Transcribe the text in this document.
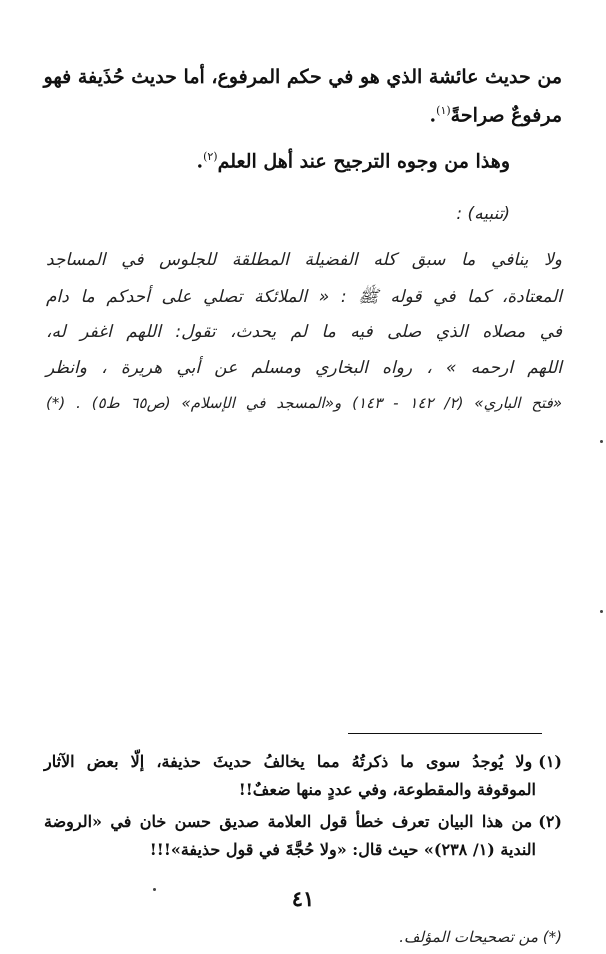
من حديث عائشة الذي هو في حكم المرفوع، أما حديث حُذَيفة فهو
مرفوعٌ صراحةً$^{(١)}$.
وهذا من وجوه الترجيح عند أهل العلم$^{(٢)}$.
(تنبيه) :
ولا ينافي ما سبق كله الفضيلة المطلقة للجلوس في المساجد
المعتادة، كما في قوله ﷺ : « الملائكة تصلي على أحدكم ما دام
في مصلاه الذي صلى فيه ما لم يحدث، تقول: اللهم اغفر له،
اللهم ارحمه » ، رواه البخاري ومسلم عن أبي هريرة ، وانظر
«فتح الباري» (٢/ ١٤٢ - ١٤٣) و«المسجد في الإسلام» (ص٦٥ ط٥) . (*)
(١)ولا يُوجدُ سوى ما ذكرتُهُ مما يخالفُ حديثَ حذيفة، إلّا بعض الآثار
الموقوفة والمقطوعة، وفي عددٍ منها ضعفٌ!!
(٢)من هذا البيان تعرف خطأ قول العلامة صديق حسن خان في «الروضة
الندية (١/ ٢٣٨)» حيث قال: «ولا حُجَّةَ في قول حذيفة»!!!
٤١
(*) من تصحيحات المؤلف.
